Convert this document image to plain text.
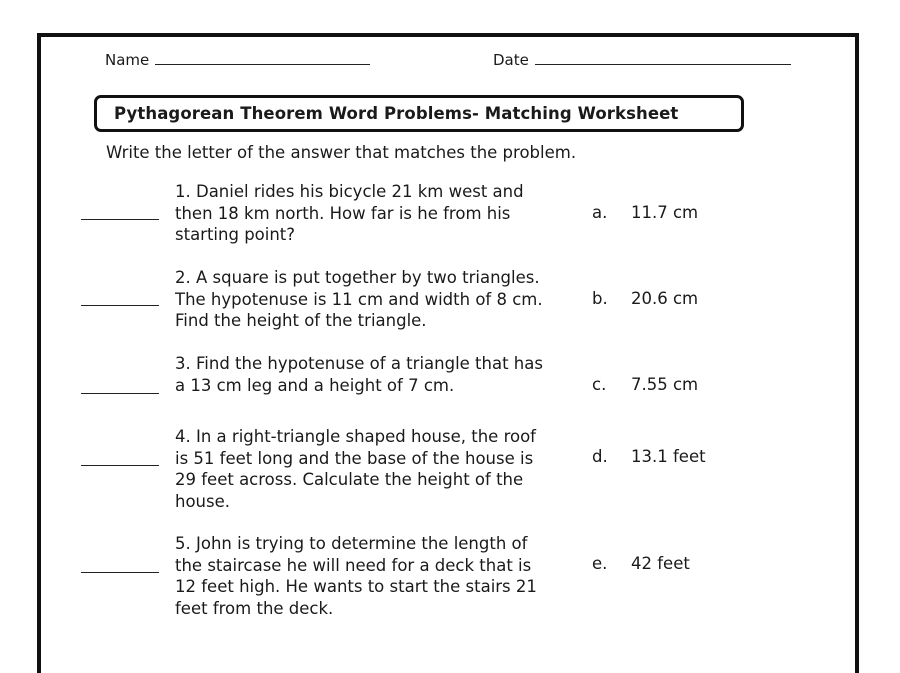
Name	Date
Pythagorean Theorem Word Problems- Matching Worksheet
Write the letter of the answer that matches the problem.
1. Daniel rides his bicycle 21 km west and
then 18 km north. How far is he from his
starting point?
a. 11.7 cm
2. A square is put together by two triangles.
The hypotenuse is 11 cm and width of 8 cm.
Find the height of the triangle.
b. 20.6 cm
3. Find the hypotenuse of a triangle that has
a 13 cm leg and a height of 7 cm.	c. 7.55 cm
4. In a right-triangle shaped house, the roof
is 51 feet long and the base of the house is
29 feet across. Calculate the height of the
house.
d. 13.1 feet
5. John is trying to determine the length of
the staircase he will need for a deck that is
12 feet high. He wants to start the stairs 21
feet from the deck.
e. 42 feet
